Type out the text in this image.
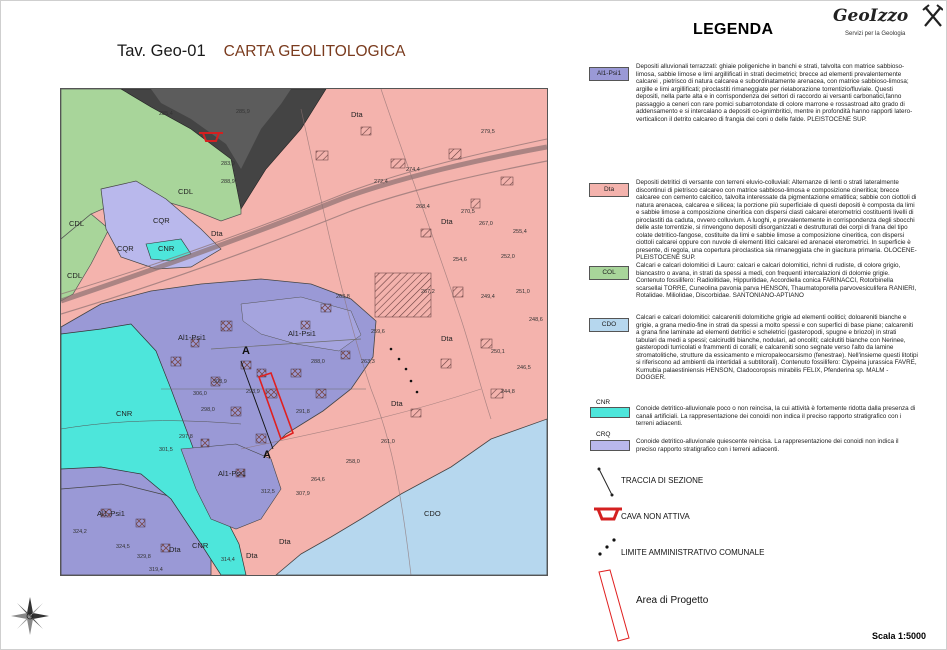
Tav. Geo-01 CARTA GEOLITOLOGICA
Dta
Dta
Dta
Dta
Dta
Dta
Dta
Dta
CDL
CDL
CDL
CQR
CQR	CNR
CNR
CNR
Al1-Psi1	Al1-Psi1
Al1-Psi1
Al1-Psi1	CDO
A
A
285,4	285,9
283,9
288,9
274,4
272,4
268,4
267,0
255,4
252,0
251,0
249,4
248,6
254,6
250,1
246,5
244,8
279,5
306,0
303,9
298,0
293,9
291,8
288,0
301,5
297,8
324,2
324,5
329,8
319,4
314,4
312,5	307,9
264,6
258,0
261,0
263,3
259,6
263,8
267,2
270,5
LEGENDA
GeoIzzo
Servizi per la Geologia
Al1-Psi1
Depositi alluvionali terrazzati: ghiaie poligeniche in banchi e strati, talvolta con matrice sabbioso-limosa, sabbie limose e limi argillificati in strati decimetrici; brecce ad elementi prevalentemente calcarei , pietrisco di natura calcarea e subordinatamente arenacea, con matrice sabbioso-limosa; argille e limi argillificati; piroclastiti rimaneggiate per rielaborazione torrentizio/fluviale. Questi depositi, nella parte alta e in corrispondenza dei settori di raccordo ai versanti carbonatici,fanno passaggio a ceneri con rare pomici subarrotondate di colore marrone e rossastroad alto grado di addensamento e si intercalano a depositi co-ignimbritici, mentre in profondità hanno rapporti latero-verticalicon il detrito calcareo di frangia dei coni o delle falde. PLEISTOCENE SUP.
Dta
Depositi detritici di versante con terreni eluvio-colluviali: Alternanze di lenti o strati lateralmente discontinui di pietrisco calcareo con matrice sabbioso-limosa e composizione cineritica; brecce calcaree con cemento calcitico, talvolta interessate da pigmentazione ematitica; sabbie con ciottoli di natura arenacea, calcarea e silicea; la porzione più superficiale di questi depositi è composta da limi e sabbie limose a composizione cineritica con dispersi clasti calcarei eterometrici costituenti livelli di piroclastiti da caduta, ovvero colluvium. A luoghi, e prevalentemente in corrispondenza degli sbocchi delle aste torrentizie, si rinvengono depositi disorganizzati e destrutturati dei corpi di frana del tipo colate detritico-fangose, costituite da limi e sabbie limose a composizione cineritica, con dispersi ciottoli calcarei oppure con nuvole di elementi litici calcarei ed arenacei eterometrici. In superficie è presente, di regola, una copertura piroclastica sia rimaneggiata che in giacitura primaria. OLOCENE-PLEISTOCENE SUP.
COL
Calcari e calcari dolomitici di Lauro: calcari e calcari dolomitici, richni di rudiste, di colore grigio, biancastro o avana, in strati da spessi a medi, con frequenti intercalazioni di dolomie grigie. Contenuto fossilifero: Radiolitidae, Hippuritidae, Accordiella conica FARINACCI, Rotorbinella scarsellai TORRE, Cuneolina pavonia parva HENSON, Thaumatoporella parvovesiculifera RANIERI, Rotalidae. Miliolidae, Discorbidae. SANTONIANO-APTIANO
CDO
Calcari e calcari dolomitici: calcareniti dolomitiche grigie ad elementi oolitici; doloareniti bianche e grigie, a grana medio-fine in strati da spessi a molto spessi e con superfici di base piane; calcareniti a grana fine laminate ad elementi detritici e scheletrici (gasteropodi, spugne e briozoi) in strati tabulari da medi a spessi; calciruditi bianche, nodulari, ad oncoliti; calcilutiti bianche con Nerinee, gasteropodi turricolati e frammenti di coralli; e calcareniti sono segnate verso l'alto da lamine stromatolitiche, strutture da essicamento e micropaleocarsismo (fenestrae). Nell'insieme questi litotipi si riferiscono ad ambienti da intertidali a subtitorali). Contenuto fossilifero: Clypeina jurassica FAVRE, Kurnubia palaestiniensis HENSON, Cladocoropsis mirabilis FELIX, Pfenderina sp. MALM - DOGGER.
CNR
Conoide detritico-alluvionale poco o non reincisa, la cui attività è fortemente ridotta dalla presenza di canali artificiali. La rappresentazione dei conoidi non indica il preciso rapporto stratigrafico con i terreni adiacenti.
CRQ
Conoide detritico-alluvionale quiescente reincisa. La rappresentazione dei conoidi non indica il preciso rapporto stratigrafico con i terreni adiacenti.
TRACCIA DI SEZIONE
CAVA NON ATTIVA
LIMITE AMMINISTRATIVO COMUNALE
Area di Progetto
Scala 1:5000
